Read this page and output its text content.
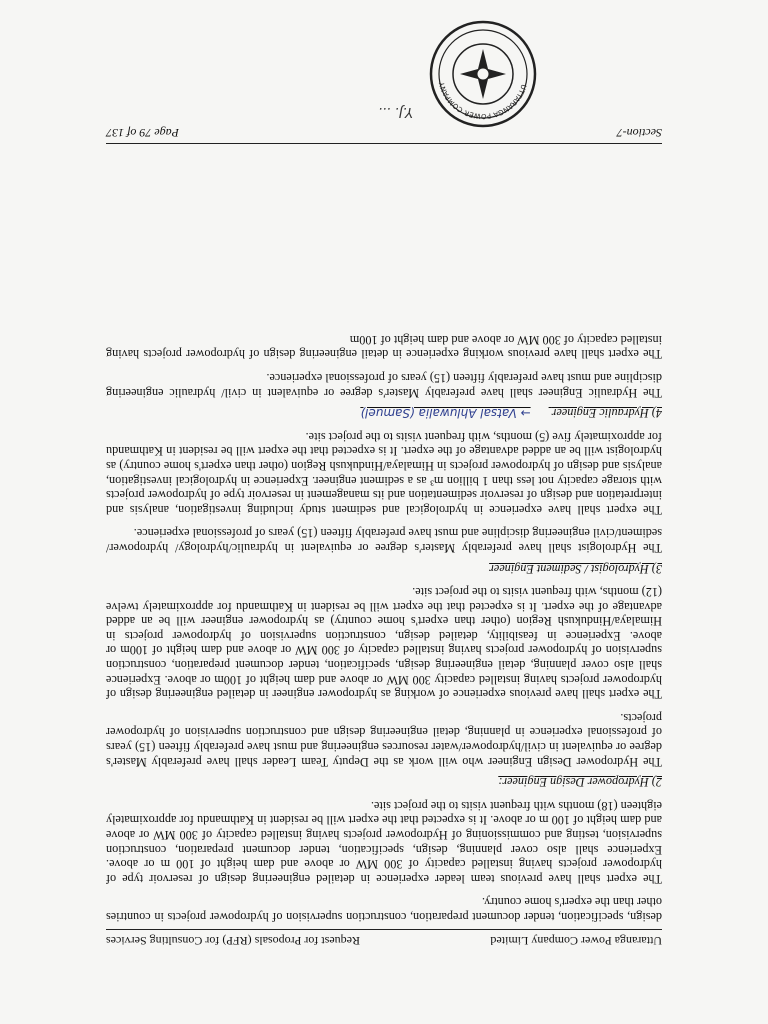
Uttaranga Power Company Limited
Request for Proposals (RFP) for Consulting Services

design, specification, tender document preparation, construction supervision of hydropower projects in countries other than the expert's home country.

The expert shall have previous team leader experience in detailed engineering design of reservoir type of hydropower projects having installed capacity of 300 MW or above and dam height of 100 m or above. Experience shall also cover planning, design, specification, tender document preparation, construction supervision, testing and commissioning of Hydropower projects having installed capacity of 300 MW or above and dam height of 100 m or above. It is expected that the expert will be resident in Kathmandu for approximately eighteen (18) months with frequent visits to the project site.

2) Hydropower Design Engineer:

The Hydropower Design Engineer who will work as the Deputy Team Leader shall have preferably Master's degree or equivalent in civil/hydropower/water resources engineering and must have preferably fifteen (15) years of professional experience in planning, detail engineering design and construction supervision of hydropower projects.

The expert shall have previous experience of working as hydropower engineer in detailed engineering design of hydropower projects having installed capacity 300 MW or above and dam height of 100m or above. Experience shall also cover planning, detail engineering design, specification, tender document preparation, construction supervision of hydropower projects having installed capacity of 300 MW or above and dam height of 100m or above. Experience in feasibility, detailed design, construction supervision of hydropower projects in Himalaya/Hindukush Region (other than expert's home country) as hydropower engineer will be an added advantage of the expert. It is expected that the expert will be resident in Kathmandu for approximately twelve (12) months, with frequent visits to the project site.

3) Hydrologist / Sediment Engineer

The Hydrologist shall have preferably Master's degree or equivalent in hydraulic/hydrology/ hydropower/ sediment/civil engineering discipline and must have preferably fifteen (15) years of professional experience.

The expert shall have experience in hydrological and sediment study including investigation, analysis and interpretation and design of reservoir sedimentation and its management in reservoir type of hydropower projects with storage capacity not less than 1 billion m³ as a sediment engineer. Experience in hydrological investigation, analysis and design of hydropower projects in Himalaya/Hindukush Region (other than expert's home country) as hydrologist will be an added advantage of the expert. It is expected that the expert will be resident in Kathmandu for approximately five (5) months, with frequent visits to the project site.

4) Hydraulic Engineer → Vatsal Ahluwalia (Samuel)

The Hydraulic Engineer shall have preferably Master's degree or equivalent in civil/ hydraulic engineering discipline and must have preferably fifteen (15) years of professional experience.

The expert shall have previous working experience in detail engineering design of hydropower projects having installed capacity of 300 MW or above and dam height of 100m

Section-7
Page 79 of 137
Y.J. ...
UTTARANGA POWER COMPANY
